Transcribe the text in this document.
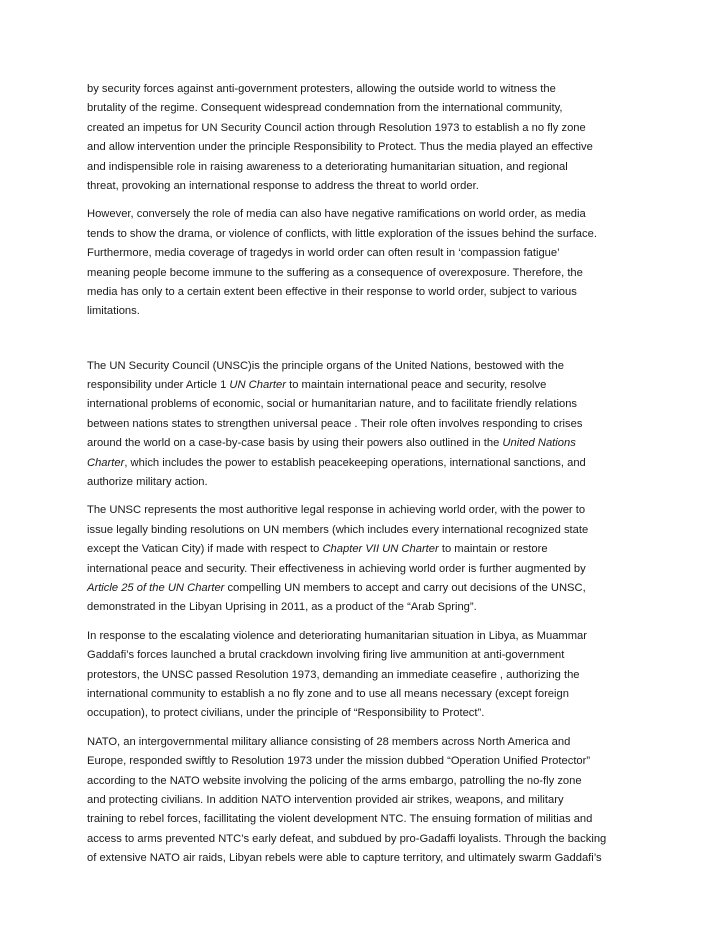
by security forces against anti-government protesters, allowing the outside world to witness the
brutality of the regime. Consequent widespread condemnation from the international community,
created an impetus for UN Security Council action through Resolution 1973 to establish a no fly zone
and allow intervention under the principle Responsibility to Protect. Thus the media played an effective
and indispensible role in raising awareness to a deteriorating humanitarian situation, and regional
threat, provoking an international response to address the threat to world order.
However, conversely the role of media can also have negative ramifications on world order, as media
tends to show the drama, or violence of conflicts, with little exploration of the issues behind the surface.
Furthermore, media coverage of tragedys in world order can often result in ‘compassion fatigue’
meaning people become immune to the suffering as a consequence of overexposure. Therefore, the
media has only to a certain extent been effective in their response to world order, subject to various
limitations.
The UN Security Council (UNSC)is the principle organs of the United Nations, bestowed with the
responsibility under Article 1 UN Charter to maintain international peace and security, resolve
international problems of economic, social or humanitarian nature, and to facilitate friendly relations
between nations states to strengthen universal peace . Their role often involves responding to crises
around the world on a case-by-case basis by using their powers also outlined in the United Nations
Charter, which includes the power to establish peacekeeping operations, international sanctions, and
authorize military action.
The UNSC represents the most authoritive legal response in achieving world order, with the power to
issue legally binding resolutions on UN members (which includes every international recognized state
except the Vatican City) if made with respect to Chapter VII UN Charter to maintain or restore
international peace and security. Their effectiveness in achieving world order is further augmented by
Article 25 of the UN Charter compelling UN members to accept and carry out decisions of the UNSC,
demonstrated in the Libyan Uprising in 2011, as a product of the “Arab Spring”.
In response to the escalating violence and deteriorating humanitarian situation in Libya, as Muammar
Gaddafi’s forces launched a brutal crackdown involving firing live ammunition at anti-government
protestors, the UNSC passed Resolution 1973, demanding an immediate ceasefire , authorizing the
international community to establish a no fly zone and to use all means necessary (except foreign
occupation), to protect civilians, under the principle of “Responsibility to Protect”.
NATO, an intergovernmental military alliance consisting of 28 members across North America and
Europe, responded swiftly to Resolution 1973 under the mission dubbed “Operation Unified Protector”
according to the NATO website involving the policing of the arms embargo, patrolling the no-fly zone
and protecting civilians. In addition NATO intervention provided air strikes, weapons, and military
training to rebel forces, facillitating the violent development NTC. The ensuing formation of militias and
access to arms prevented NTC’s early defeat, and subdued by pro-Gadaffi loyalists. Through the backing
of extensive NATO air raids, Libyan rebels were able to capture territory, and ultimately swarm Gaddafi’s
